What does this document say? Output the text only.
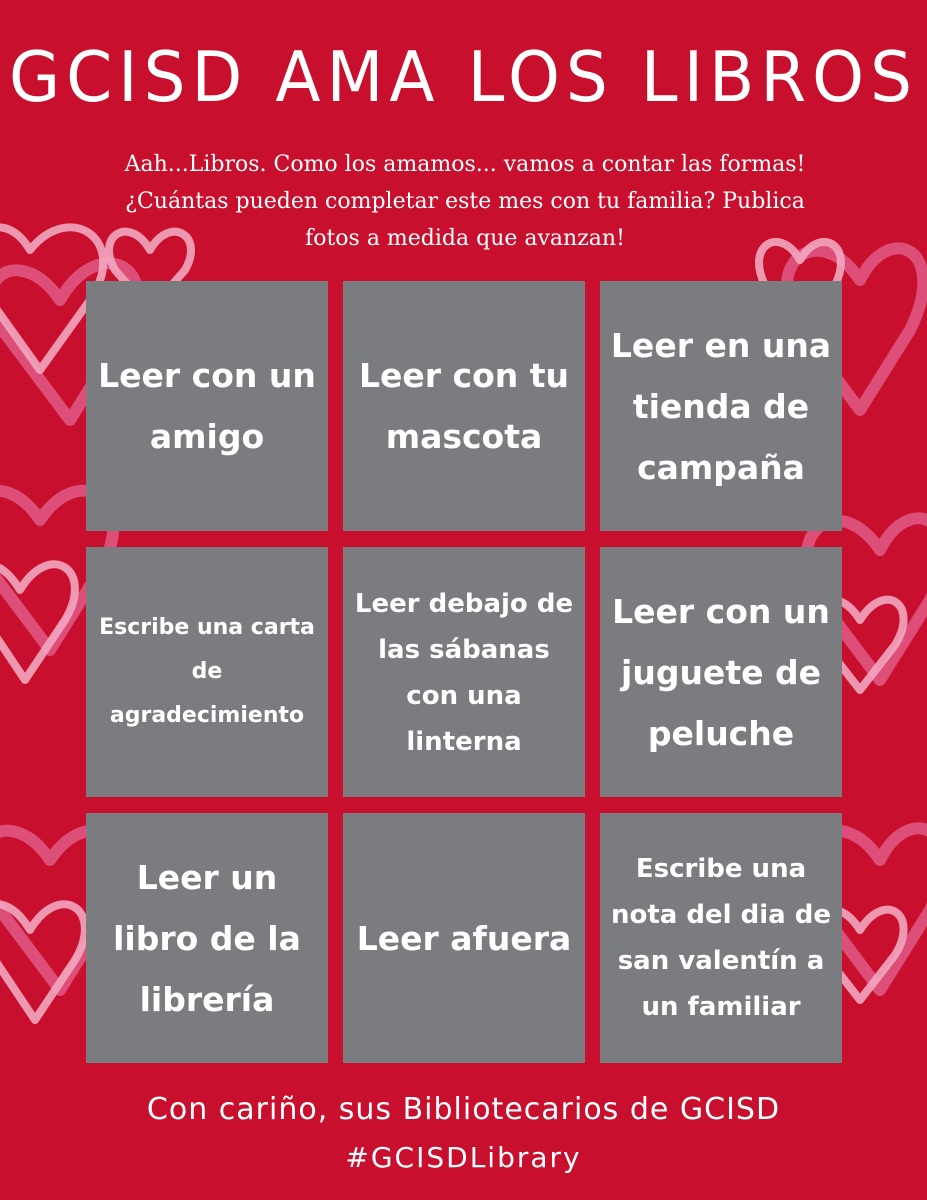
GCISD AMA LOS LIBROS
Aah...Libros. Como los amamos... vamos a contar las formas! ¿Cuántas pueden completar este mes con tu familia? Publica fotos a medida que avanzan!
Leer con un amigo
Leer con tu mascota
Leer en una tienda de campaña
Escribe una carta de agradecimiento
Leer debajo de las sábanas con una linterna
Leer con un juguete de peluche
Leer un libro de la librería
Leer afuera
Escribe una nota del dia de san valentín a un familiar
Con cariño, sus Bibliotecarios de GCISD
#GCISDLibrary
